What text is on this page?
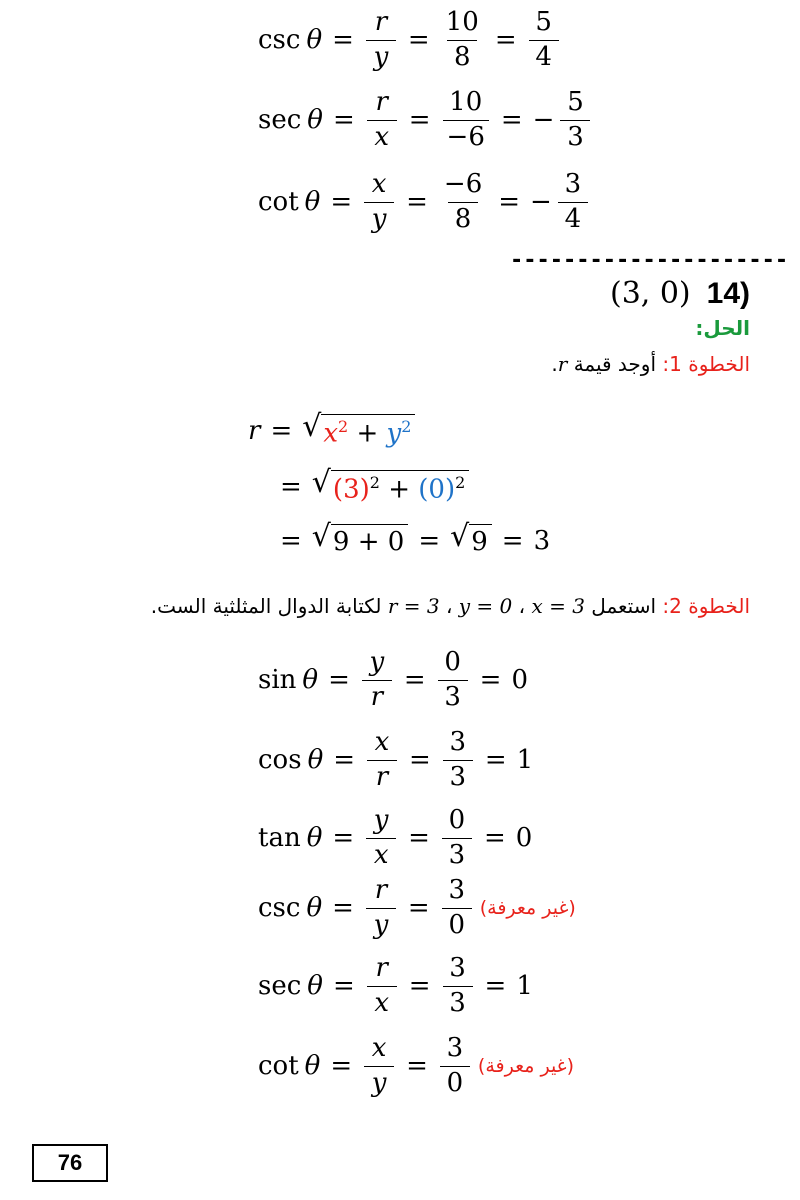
$\csc \theta = \frac{r}{y} = \frac{10}{8} = \frac{5}{4}$
$\sec \theta = \frac{r}{x} = \frac{10}{-6}$ = − $\frac{5}{3}$
$\cot \theta = \frac{x}{y} = \frac{-6}{8}$ = − $\frac{3}{4}$
---------------------
(3, 0) 14)
الحل:
الخطوة 1: أوجد قيمة r.
r = √ $x^2 + y^2$
= √ $(3)^2 + (0)^2$
= √ 9 + 0 = √ 9 = 3
الخطوة 2: استعمل r = 3 ، y = 0 ، x = 3 لكتابة الدوال المثلثية الست.
$\sin \theta = \frac{y}{r} = \frac{0}{3} = 0$
$\cos \theta = \frac{x}{r} = \frac{3}{3} = 1$
$\tan \theta = \frac{y}{x} = \frac{0}{3} = 0$
$\csc \theta = \frac{r}{y} = \frac{3}{0}$ (غير معرفة)
$\sec \theta = \frac{r}{x} = \frac{3}{3} = 1$
$\cot \theta = \frac{x}{y} = \frac{3}{0}$ (غير معرفة)
76
